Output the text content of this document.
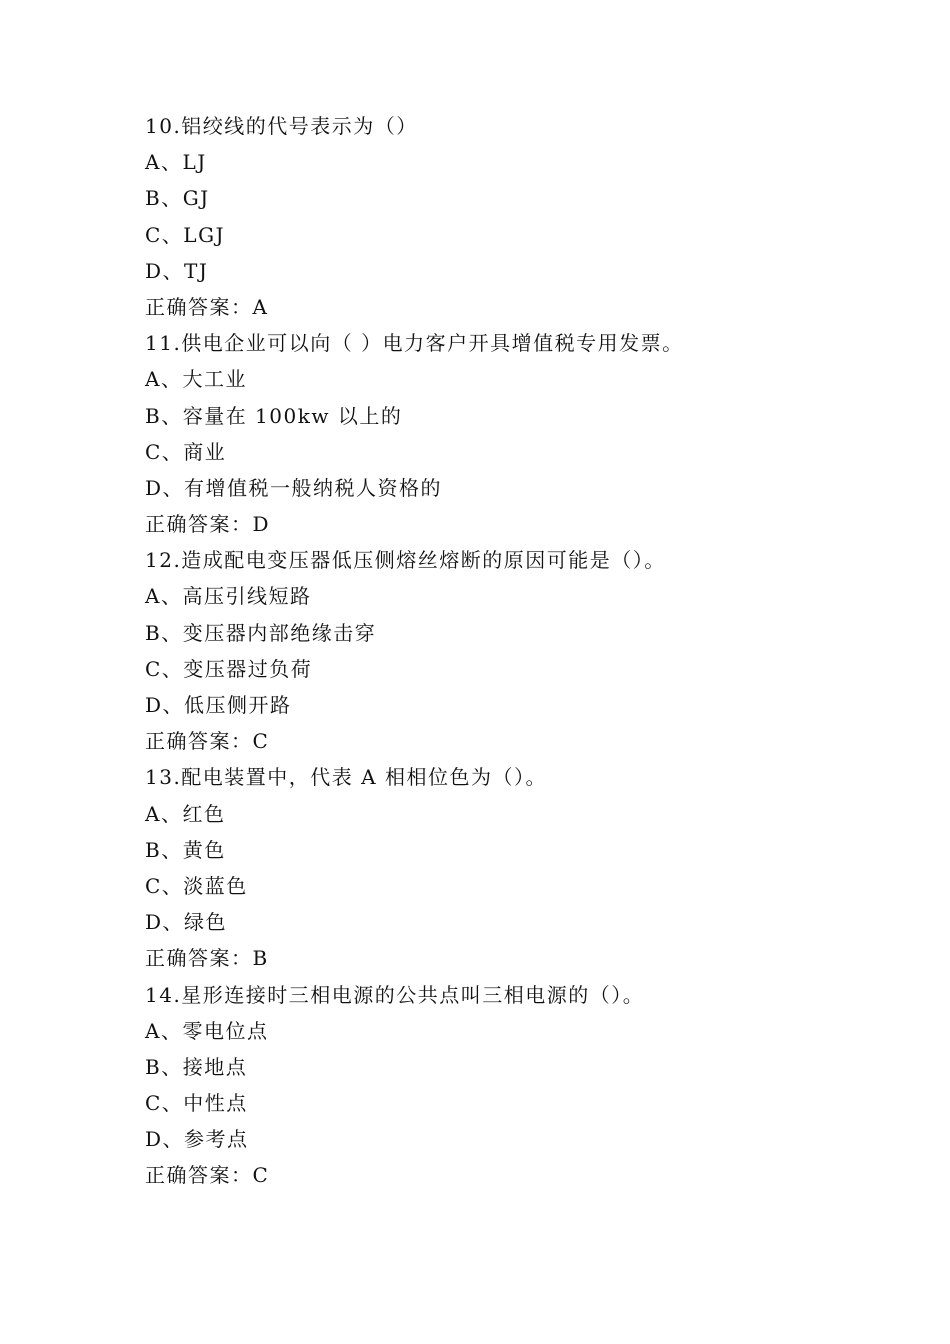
10.铝绞线的代号表示为（）
A、LJ
B、GJ
C、LGJ
D、TJ
正确答案：A
11.供电企业可以向（ ）电力客户开具增值税专用发票。
A、大工业
B、容量在 100kw 以上的
C、商业
D、有增值税一般纳税人资格的
正确答案：D
12.造成配电变压器低压侧熔丝熔断的原因可能是（）。
A、高压引线短路
B、变压器内部绝缘击穿
C、变压器过负荷
D、低压侧开路
正确答案：C
13.配电装置中，代表 A 相相位色为（）。
A、红色
B、黄色
C、淡蓝色
D、绿色
正确答案：B
14.星形连接时三相电源的公共点叫三相电源的（）。
A、零电位点
B、接地点
C、中性点
D、参考点
正确答案：C
